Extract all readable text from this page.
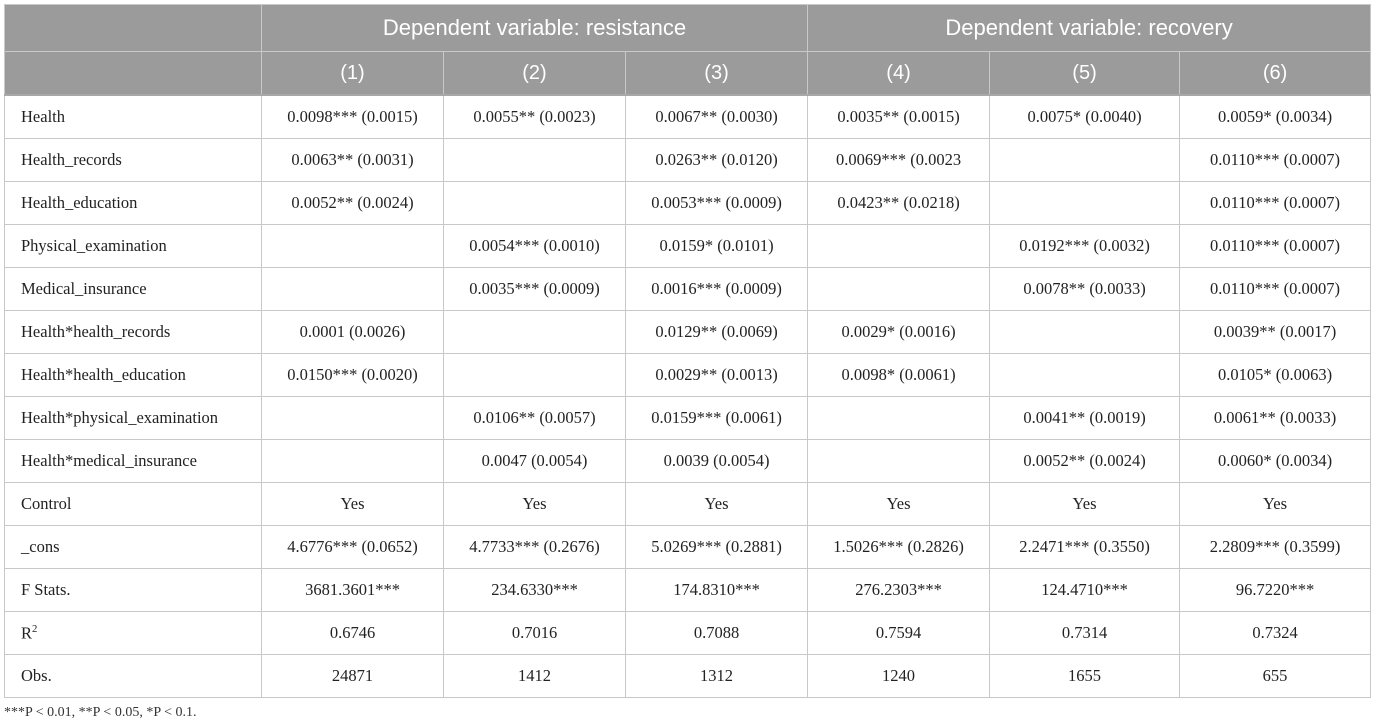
	Dependent variable: resistance			Dependent variable: recovery		
	(1)	(2)	(3)	(4)	(5)	(6)
Health	0.0098*** (0.0015)	0.0055** (0.0023)	0.0067** (0.0030)	0.0035** (0.0015)	0.0075* (0.0040)	0.0059* (0.0034)
Health_records	0.0063** (0.0031)		0.0263** (0.0120)	0.0069*** (0.0023		0.0110*** (0.0007)
Health_education	0.0052** (0.0024)		0.0053*** (0.0009)	0.0423** (0.0218)		0.0110*** (0.0007)
Physical_examination		0.0054*** (0.0010)	0.0159* (0.0101)		0.0192*** (0.0032)	0.0110*** (0.0007)
Medical_insurance		0.0035*** (0.0009)	0.0016*** (0.0009)		0.0078** (0.0033)	0.0110*** (0.0007)
Health*health_records	0.0001 (0.0026)		0.0129** (0.0069)	0.0029* (0.0016)		0.0039** (0.0017)
Health*health_education	0.0150*** (0.0020)		0.0029** (0.0013)	0.0098* (0.0061)		0.0105* (0.0063)
Health*physical_examination		0.0106** (0.0057)	0.0159*** (0.0061)		0.0041** (0.0019)	0.0061** (0.0033)
Health*medical_insurance		0.0047 (0.0054)	0.0039 (0.0054)		0.0052** (0.0024)	0.0060* (0.0034)
Control	Yes	Yes	Yes	Yes	Yes	Yes
_cons	4.6776*** (0.0652)	4.7733*** (0.2676)	5.0269*** (0.2881)	1.5026*** (0.2826)	2.2471*** (0.3550)	2.2809*** (0.3599)
F Stats.	3681.3601***	234.6330***	174.8310***	276.2303***	124.4710***	96.7220***
$R^2$	0.6746	0.7016	0.7088	0.7594	0.7314	0.7324
Obs.	24871	1412	1312	1240	1655	655
***P < 0.01, **P < 0.05, *P < 0.1.
